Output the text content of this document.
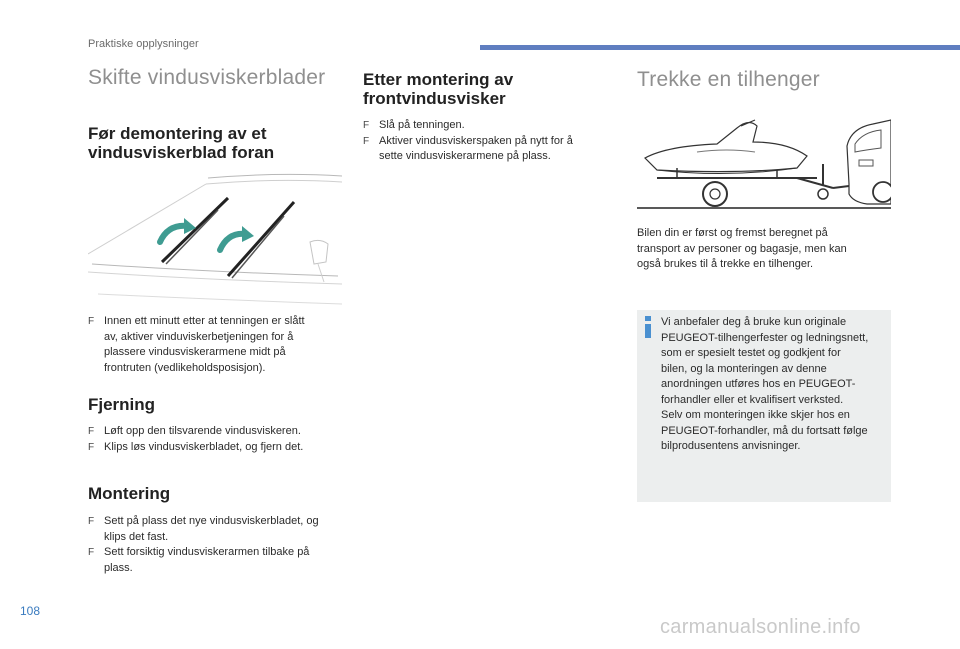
Praktiske opplysninger
Skifte vindusviskerblader
Før demontering av et
vindusviskerblad foran
F Innen ett minutt etter at tenningen er slått
av, aktiver vinduviskerbetjeningen for å
plassere vindusviskerarmene midt på
frontruten (vedlikeholdsposisjon).
Fjerning
F Løft opp den tilsvarende vindusviskeren.
F Klips løs vindusviskerbladet, og fjern det.
Montering
F Sett på plass det nye vindusviskerbladet, og
klips det fast.
F Sett forsiktig vindusviskerarmen tilbake på
plass.
Etter montering av
frontvindusvisker
F Slå på tenningen.
F Aktiver vindusviskerspaken på nytt for å
sette vindusviskerarmene på plass.
Trekke en tilhenger
Bilen din er først og fremst beregnet på
transport av personer og bagasje, men kan
også brukes til å trekke en tilhenger.
Vi anbefaler deg å bruke kun originale
PEUGEOT-tilhengerfester og ledningsnett,
som er spesielt testet og godkjent for
bilen, og la monteringen av denne
anordningen utføres hos en PEUGEOT-
forhandler eller et kvalifisert verksted.
Selv om monteringen ikke skjer hos en
PEUGEOT-forhandler, må du fortsatt følge
bilprodusentens anvisninger.
108
carmanualsonline.info
